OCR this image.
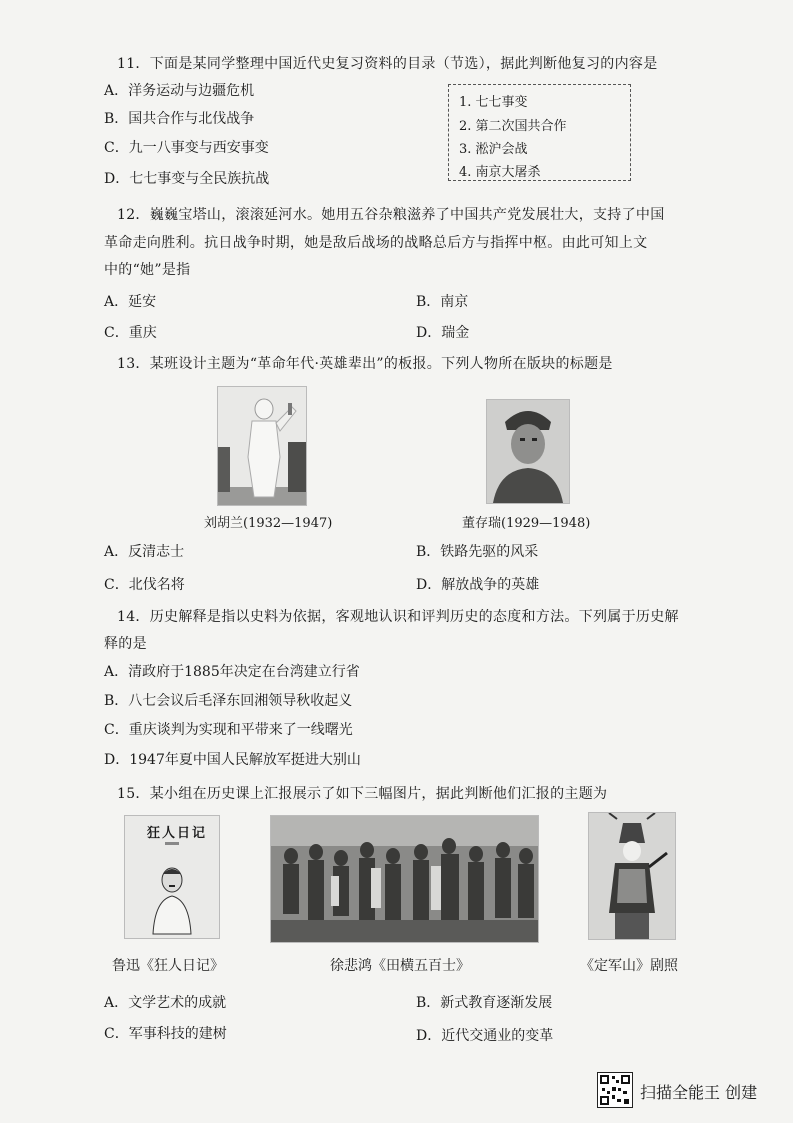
11．下面是某同学整理中国近代史复习资料的目录（节选），据此判断他复习的内容是
A．洋务运动与边疆危机
B．国共合作与北伐战争
C．九一八事变与西安事变
D．七七事变与全民族抗战
1. 七七事变
2. 第二次国共合作
3. 淞沪会战
4. 南京大屠杀
12．巍巍宝塔山，滚滚延河水。她用五谷杂粮滋养了中国共产党发展壮大，支持了中国
革命走向胜利。抗日战争时期，她是敌后战场的战略总后方与指挥中枢。由此可知上文
中的“她”是指
A．延安	B．南京
C．重庆	D．瑞金
13．某班设计主题为“革命年代·英雄辈出”的板报。下列人物所在版块的标题是
刘胡兰(1932—1947)	董存瑞(1929—1948)
A．反清志士	B．铁路先驱的风采
C．北伐名将	D．解放战争的英雄
14．历史解释是指以史料为依据，客观地认识和评判历史的态度和方法。下列属于历史解
释的是
A．清政府于1885年决定在台湾建立行省
B．八七会议后毛泽东回湘领导秋收起义
C．重庆谈判为实现和平带来了一线曙光
D．1947年夏中国人民解放军挺进大别山
15．某小组在历史课上汇报展示了如下三幅图片，据此判断他们汇报的主题为
狂人日记
鲁迅《狂人日记》	徐悲鸿《田横五百士》	《定军山》剧照
A．文学艺术的成就	B．新式教育逐渐发展
C．军事科技的建树	D．近代交通业的变革
扫描全能王 创建
